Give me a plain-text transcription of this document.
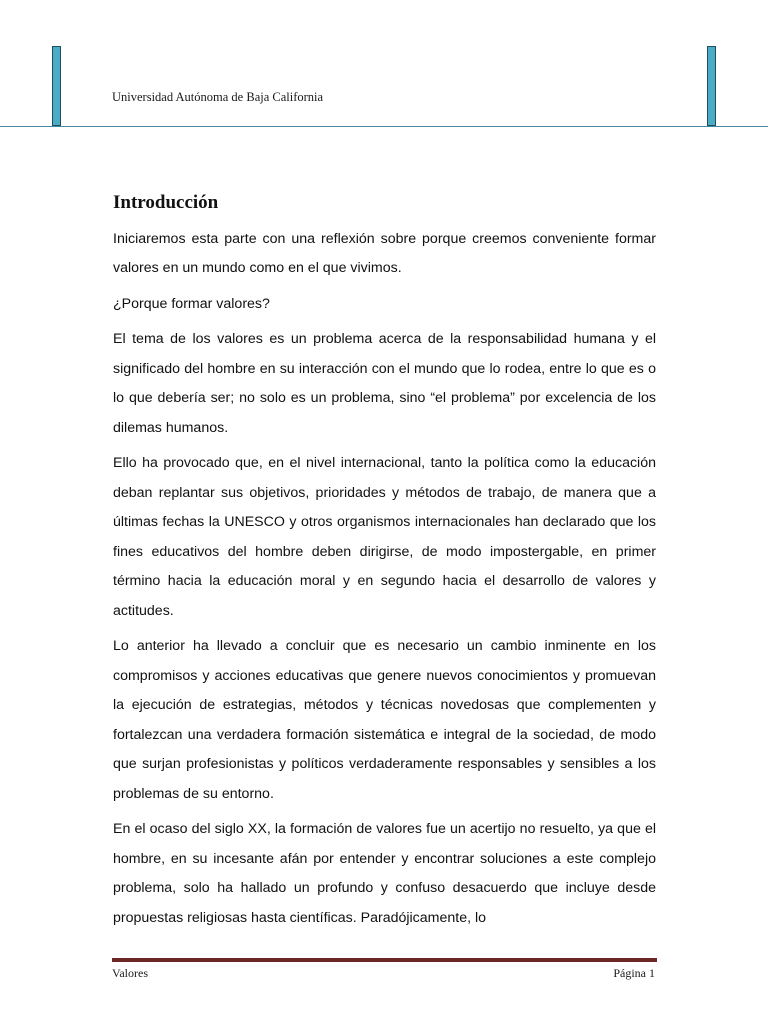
Universidad Autónoma de Baja California
Introducción

Iniciaremos esta parte con una reflexión sobre porque creemos conveniente formar valores en un mundo como en el que vivimos.

¿Porque formar valores?

El tema de los valores es un problema acerca de la responsabilidad humana y el significado del hombre en su interacción con el mundo que lo rodea, entre lo que es o lo que debería ser; no solo es un problema, sino “el problema” por excelencia de los dilemas humanos.

Ello ha provocado que, en el nivel internacional, tanto la política como la educación deban replantar sus objetivos, prioridades y métodos de trabajo, de manera que a últimas fechas la UNESCO y otros organismos internacionales han declarado que los fines educativos del hombre deben dirigirse, de modo impostergable, en primer término hacia la educación moral y en segundo hacia el desarrollo de valores y actitudes.

Lo anterior ha llevado a concluir que es necesario un cambio inminente en los compromisos y acciones educativas que genere nuevos conocimientos y promuevan la ejecución de estrategias, métodos y técnicas novedosas que complementen y fortalezcan una verdadera formación sistemática e integral de la sociedad, de modo que surjan profesionistas y políticos verdaderamente responsables y sensibles a los problemas de su entorno.

En el ocaso del siglo XX, la formación de valores fue un acertijo no resuelto, ya que el hombre, en su incesante afán por entender y encontrar soluciones a este complejo problema, solo ha hallado un profundo y confuso desacuerdo que incluye desde propuestas religiosas hasta científicas. Paradójicamente, lo

Valores	Página 1
